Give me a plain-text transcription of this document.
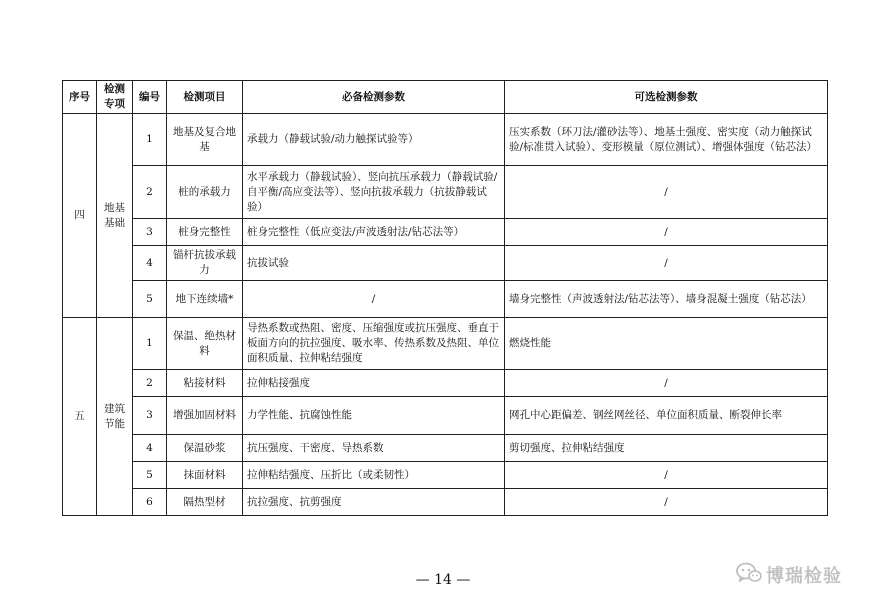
序号	检测专项	编号	检测项目	必备检测参数	可选检测参数
四	地基基础	1	地基及复合地基	承载力（静载试验/动力触探试验等）	压实系数（环刀法/灌砂法等）、地基土强度、密实度（动力触探试验/标准贯入试验）、变形模量（原位测试）、增强体强度（钻芯法）
		2	桩的承载力	水平承载力（静载试验）、竖向抗压承载力（静载试验/自平衡/高应变法等）、竖向抗拔承载力（抗拔静载试验）	/
		3	桩身完整性	桩身完整性（低应变法/声波透射法/钻芯法等）	/
		4	锚杆抗拔承载力	抗拔试验	/
		5	地下连续墙*	/	墙身完整性（声波透射法/钻芯法等）、墙身混凝土强度（钻芯法）
五	建筑节能	1	保温、绝热材料	导热系数或热阻、密度、压缩强度或抗压强度、垂直于板面方向的抗拉强度、吸水率、传热系数及热阻、单位面积质量、拉伸粘结强度	燃烧性能
		2	粘接材料	拉伸粘接强度	/
		3	增强加固材料	力学性能、抗腐蚀性能	网孔中心距偏差、钢丝网丝径、单位面积质量、断裂伸长率
		4	保温砂浆	抗压强度、干密度、导热系数	剪切强度、拉伸粘结强度
		5	抹面材料	拉伸粘结强度、压折比（或柔韧性）	/
		6	隔热型材	抗拉强度、抗剪强度	/
— 14 —	博瑞检验
